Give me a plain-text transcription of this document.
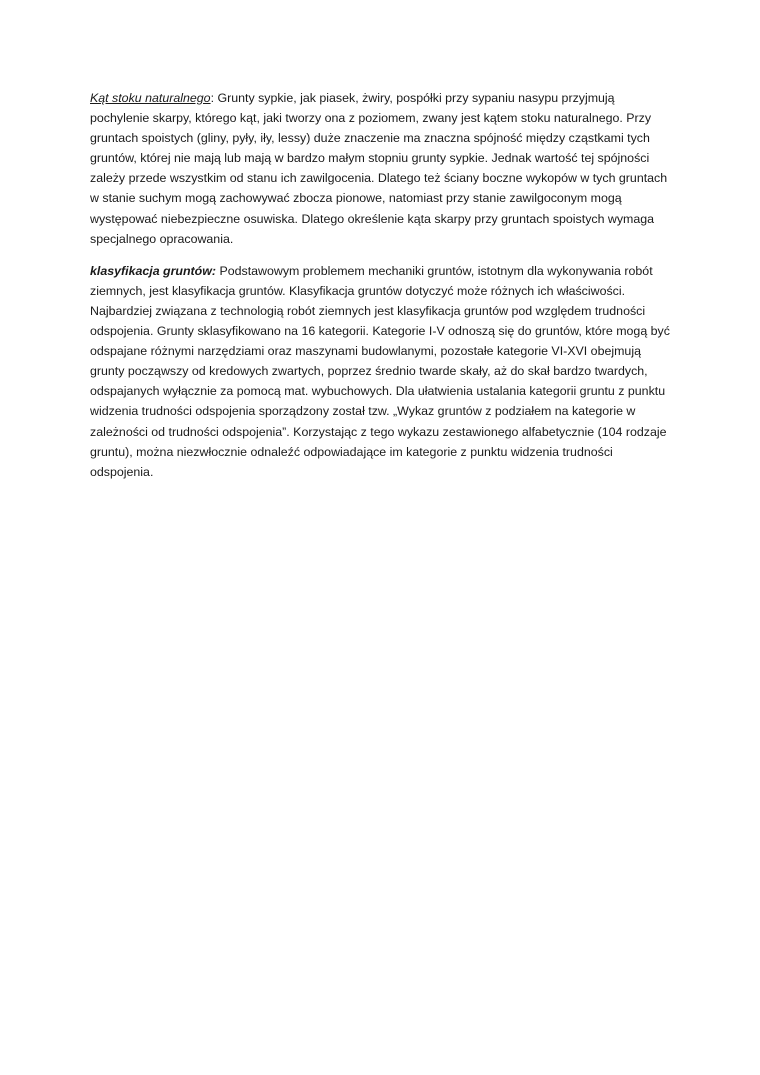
Kąt stoku naturalnego: Grunty sypkie, jak piasek, żwiry, pospółki przy sypaniu nasypu przyjmują pochylenie skarpy, którego kąt, jaki tworzy ona z poziomem, zwany jest kątem stoku naturalnego. Przy gruntach spoistych (gliny, pyły, iły, lessy) duże znaczenie ma znaczna spójność między cząstkami tych gruntów, której nie mają lub mają w bardzo małym stopniu grunty sypkie. Jednak wartość tej spójności zależy przede wszystkim od stanu ich zawilgocenia. Dlatego też ściany boczne wykopów w tych gruntach w stanie suchym mogą zachowywać zbocza pionowe, natomiast przy stanie zawilgoconym mogą występować niebezpieczne osuwiska. Dlatego określenie kąta skarpy przy gruntach spoistych wymaga specjalnego opracowania.

klasyfikacja gruntów: Podstawowym problemem mechaniki gruntów, istotnym dla wykonywania robót ziemnych, jest klasyfikacja gruntów. Klasyfikacja gruntów dotyczyć może różnych ich właściwości. Najbardziej związana z technologią robót ziemnych jest klasyfikacja gruntów pod względem trudności odspojenia. Grunty sklasyfikowano na 16 kategorii. Kategorie I-V odnoszą się do gruntów, które mogą być odspajane różnymi narzędziami oraz maszynami budowlanymi, pozostałe kategorie VI-XVI obejmują grunty począwszy od kredowych zwartych, poprzez średnio twarde skały, aż do skał bardzo twardych, odspajanych wyłącznie za pomocą mat. wybuchowych. Dla ułatwienia ustalania kategorii gruntu z punktu widzenia trudności odspojenia sporządzony został tzw. „Wykaz gruntów z podziałem na kategorie w zależności od trudności odspojenia”. Korzystając z tego wykazu zestawionego alfabetycznie (104 rodzaje gruntu), można niezwłocznie odnaleźć odpowiadające im kategorie z punktu widzenia trudności odspojenia.
